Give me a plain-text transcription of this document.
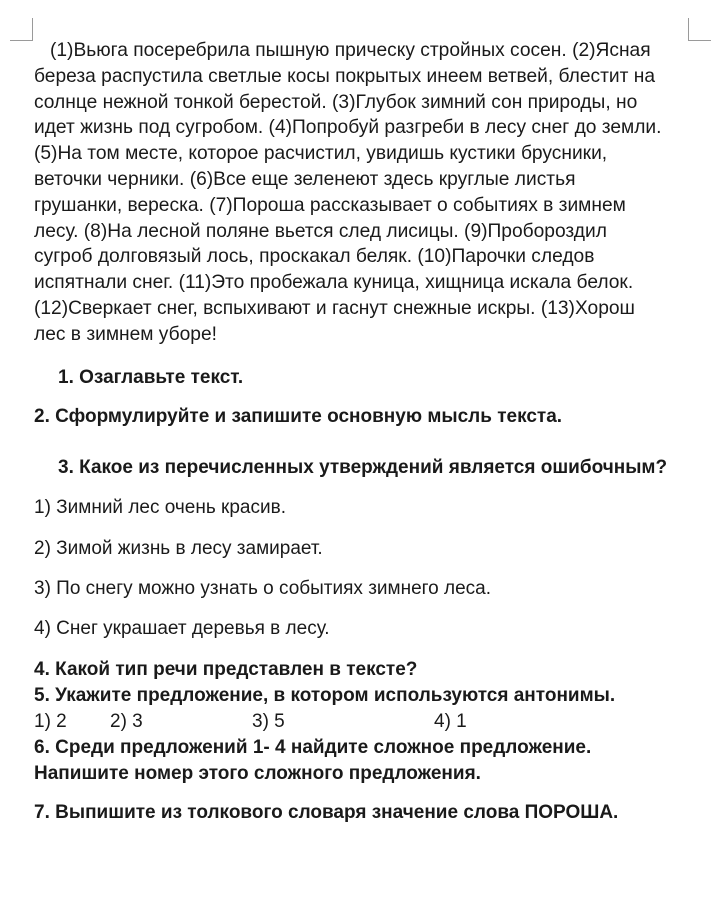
(1)Вьюга посеребрила пышную прическу стройных сосен. (2)Ясная
береза распустила светлые косы покрытых инеем ветвей, блестит на
солнце нежной тонкой берестой. (3)Глубок зимний сон природы, но
идет жизнь под сугробом. (4)Попробуй разгреби в лесу снег до земли.
(5)На том месте, которое расчистил, увидишь кустики брусники,
веточки черники. (6)Все еще зеленеют здесь круглые листья
грушанки, вереска. (7)Пороша рассказывает о событиях в зимнем
лесу. (8)На лесной поляне вьется след лисицы. (9)Пробороздил
сугроб долговязый лось, проскакал беляк. (10)Парочки следов
испятнали снег. (11)Это пробежала куница, хищница искала белок.
(12)Сверкает снег, вспыхивают и гаснут снежные искры. (13)Хорош
лес в зимнем уборе!

1. Озаглавьте текст.

2. Сформулируйте и запишите основную мысль текста.

3. Какое из перечисленных утверждений является ошибочным?

1) Зимний лес очень красив.

2) Зимой жизнь в лесу замирает.

3) По снегу можно узнать о событиях зимнего леса.

4) Снег украшает деревья в лесу.

4. Какой тип речи представлен в тексте?

5. Укажите предложение, в котором используются антонимы.

1) 2 2) 3	3) 5	4) 1

6. Среди предложений 1- 4 найдите сложное предложение.

Напишите номер этого сложного предложения.

7. Выпишите из толкового словаря значение слова ПОРОША.
